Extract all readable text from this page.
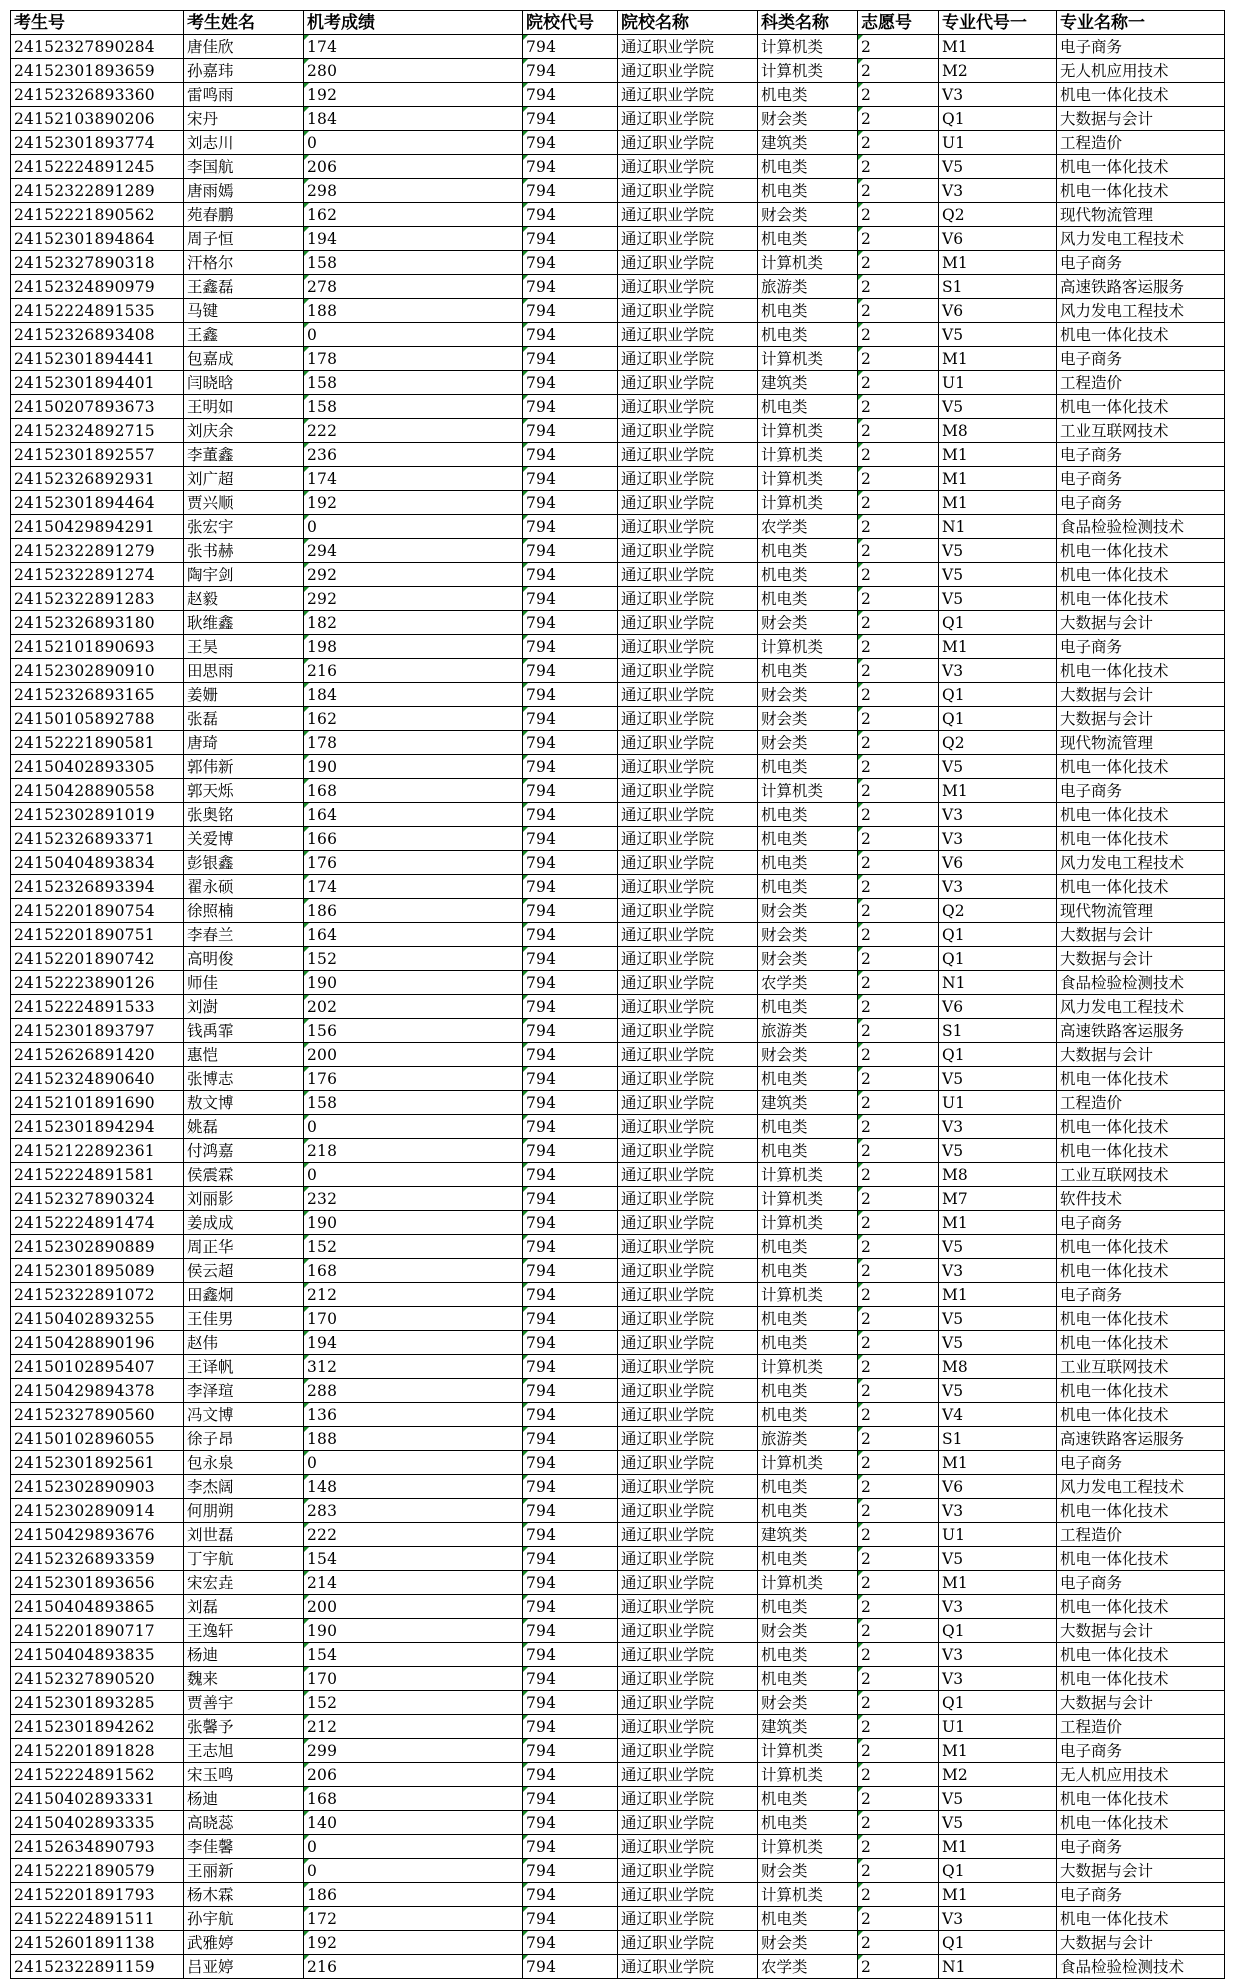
考生号	考生姓名	机考成绩	院校代号	院校名称	科类名称	志愿号	专业代号一	专业名称一
24152327890284	唐佳欣	174	794	通辽职业学院	计算机类	2	M1	电子商务
24152301893659	孙嘉玮	280	794	通辽职业学院	计算机类	2	M2	无人机应用技术
24152326893360	雷鸣雨	192	794	通辽职业学院	机电类	2	V3	机电一体化技术
24152103890206	宋丹	184	794	通辽职业学院	财会类	2	Q1	大数据与会计
24152301893774	刘志川	0	794	通辽职业学院	建筑类	2	U1	工程造价
24152224891245	李国航	206	794	通辽职业学院	机电类	2	V5	机电一体化技术
24152322891289	唐雨嫣	298	794	通辽职业学院	机电类	2	V3	机电一体化技术
24152221890562	苑春鹏	162	794	通辽职业学院	财会类	2	Q2	现代物流管理
24152301894864	周子恒	194	794	通辽职业学院	机电类	2	V6	风力发电工程技术
24152327890318	汗格尔	158	794	通辽职业学院	计算机类	2	M1	电子商务
24152324890979	王鑫磊	278	794	通辽职业学院	旅游类	2	S1	高速铁路客运服务
24152224891535	马键	188	794	通辽职业学院	机电类	2	V6	风力发电工程技术
24152326893408	王鑫	0	794	通辽职业学院	机电类	2	V5	机电一体化技术
24152301894441	包嘉成	178	794	通辽职业学院	计算机类	2	M1	电子商务
24152301894401	闫晓晗	158	794	通辽职业学院	建筑类	2	U1	工程造价
24150207893673	王明如	158	794	通辽职业学院	机电类	2	V5	机电一体化技术
24152324892715	刘庆余	222	794	通辽职业学院	计算机类	2	M8	工业互联网技术
24152301892557	李董鑫	236	794	通辽职业学院	计算机类	2	M1	电子商务
24152326892931	刘广超	174	794	通辽职业学院	计算机类	2	M1	电子商务
24152301894464	贾兴顺	192	794	通辽职业学院	计算机类	2	M1	电子商务
24150429894291	张宏宇	0	794	通辽职业学院	农学类	2	N1	食品检验检测技术
24152322891279	张书赫	294	794	通辽职业学院	机电类	2	V5	机电一体化技术
24152322891274	陶宇剑	292	794	通辽职业学院	机电类	2	V5	机电一体化技术
24152322891283	赵毅	292	794	通辽职业学院	机电类	2	V5	机电一体化技术
24152326893180	耿维鑫	182	794	通辽职业学院	财会类	2	Q1	大数据与会计
24152101890693	王昊	198	794	通辽职业学院	计算机类	2	M1	电子商务
24152302890910	田思雨	216	794	通辽职业学院	机电类	2	V3	机电一体化技术
24152326893165	姜姗	184	794	通辽职业学院	财会类	2	Q1	大数据与会计
24150105892788	张磊	162	794	通辽职业学院	财会类	2	Q1	大数据与会计
24152221890581	唐琦	178	794	通辽职业学院	财会类	2	Q2	现代物流管理
24150402893305	郭伟新	190	794	通辽职业学院	机电类	2	V5	机电一体化技术
24150428890558	郭天烁	168	794	通辽职业学院	计算机类	2	M1	电子商务
24152302891019	张奥铭	164	794	通辽职业学院	机电类	2	V3	机电一体化技术
24152326893371	关爱博	166	794	通辽职业学院	机电类	2	V3	机电一体化技术
24150404893834	彭银鑫	176	794	通辽职业学院	机电类	2	V6	风力发电工程技术
24152326893394	翟永硕	174	794	通辽职业学院	机电类	2	V3	机电一体化技术
24152201890754	徐照楠	186	794	通辽职业学院	财会类	2	Q2	现代物流管理
24152201890751	李春兰	164	794	通辽职业学院	财会类	2	Q1	大数据与会计
24152201890742	高明俊	152	794	通辽职业学院	财会类	2	Q1	大数据与会计
24152223890126	师佳	190	794	通辽职业学院	农学类	2	N1	食品检验检测技术
24152224891533	刘澍	202	794	通辽职业学院	机电类	2	V6	风力发电工程技术
24152301893797	钱禹霏	156	794	通辽职业学院	旅游类	2	S1	高速铁路客运服务
24152626891420	惠恺	200	794	通辽职业学院	财会类	2	Q1	大数据与会计
24152324890640	张博志	176	794	通辽职业学院	机电类	2	V5	机电一体化技术
24152101891690	敖文博	158	794	通辽职业学院	建筑类	2	U1	工程造价
24152301894294	姚磊	0	794	通辽职业学院	机电类	2	V3	机电一体化技术
24152122892361	付鸿嘉	218	794	通辽职业学院	机电类	2	V5	机电一体化技术
24152224891581	侯震霖	0	794	通辽职业学院	计算机类	2	M8	工业互联网技术
24152327890324	刘丽影	232	794	通辽职业学院	计算机类	2	M7	软件技术
24152224891474	姜成成	190	794	通辽职业学院	计算机类	2	M1	电子商务
24152302890889	周正华	152	794	通辽职业学院	机电类	2	V5	机电一体化技术
24152301895089	侯云超	168	794	通辽职业学院	机电类	2	V3	机电一体化技术
24152322891072	田鑫炯	212	794	通辽职业学院	计算机类	2	M1	电子商务
24150402893255	王佳男	170	794	通辽职业学院	机电类	2	V5	机电一体化技术
24150428890196	赵伟	194	794	通辽职业学院	机电类	2	V5	机电一体化技术
24150102895407	王译帆	312	794	通辽职业学院	计算机类	2	M8	工业互联网技术
24150429894378	李泽瑄	288	794	通辽职业学院	机电类	2	V5	机电一体化技术
24152327890560	冯文博	136	794	通辽职业学院	机电类	2	V4	机电一体化技术
24150102896055	徐子昂	188	794	通辽职业学院	旅游类	2	S1	高速铁路客运服务
24152301892561	包永泉	0	794	通辽职业学院	计算机类	2	M1	电子商务
24152302890903	李杰阔	148	794	通辽职业学院	机电类	2	V6	风力发电工程技术
24152302890914	何朋朔	283	794	通辽职业学院	机电类	2	V3	机电一体化技术
24150429893676	刘世磊	222	794	通辽职业学院	建筑类	2	U1	工程造价
24152326893359	丁宇航	154	794	通辽职业学院	机电类	2	V5	机电一体化技术
24152301893656	宋宏垚	214	794	通辽职业学院	计算机类	2	M1	电子商务
24150404893865	刘磊	200	794	通辽职业学院	机电类	2	V3	机电一体化技术
24152201890717	王逸轩	190	794	通辽职业学院	财会类	2	Q1	大数据与会计
24150404893835	杨迪	154	794	通辽职业学院	机电类	2	V3	机电一体化技术
24152327890520	魏来	170	794	通辽职业学院	机电类	2	V3	机电一体化技术
24152301893285	贾善宇	152	794	通辽职业学院	财会类	2	Q1	大数据与会计
24152301894262	张馨予	212	794	通辽职业学院	建筑类	2	U1	工程造价
24152201891828	王志旭	299	794	通辽职业学院	计算机类	2	M1	电子商务
24152224891562	宋玉鸣	206	794	通辽职业学院	计算机类	2	M2	无人机应用技术
24150402893331	杨迪	168	794	通辽职业学院	机电类	2	V5	机电一体化技术
24150402893335	高晓蕊	140	794	通辽职业学院	机电类	2	V5	机电一体化技术
24152634890793	李佳馨	0	794	通辽职业学院	计算机类	2	M1	电子商务
24152221890579	王丽新	0	794	通辽职业学院	财会类	2	Q1	大数据与会计
24152201891793	杨木霖	186	794	通辽职业学院	计算机类	2	M1	电子商务
24152224891511	孙宇航	172	794	通辽职业学院	机电类	2	V3	机电一体化技术
24152601891138	武雅婷	192	794	通辽职业学院	财会类	2	Q1	大数据与会计
24152322891159	吕亚婷	216	794	通辽职业学院	农学类	2	N1	食品检验检测技术
